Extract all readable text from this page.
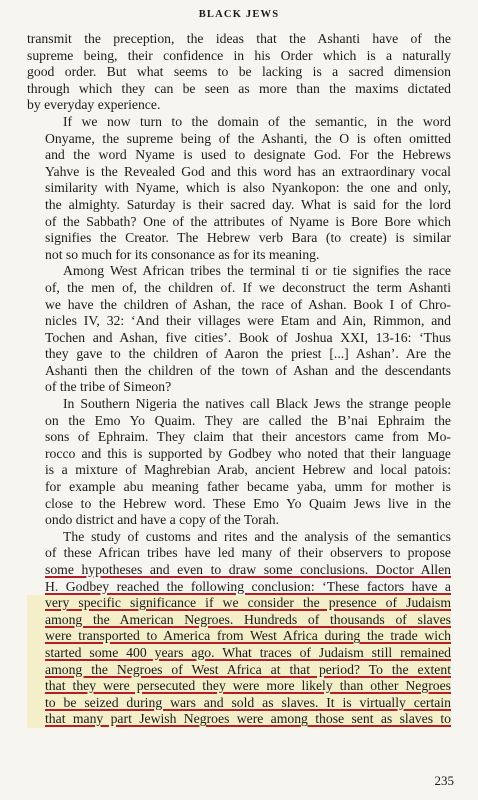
BLACK JEWS

transmit the preception, the ideas that the Ashanti have of the
supreme being, their confidence in his Order which is a naturally
good order. But what seems to be lacking is a sacred dimension
through which they can be seen as more than the maxims dictated
by everyday experience.

If we now turn to the domain of the semantic, in the word
Onyame, the supreme being of the Ashanti, the O is often omitted
and the word Nyame is used to designate God. For the Hebrews
Yahve is the Revealed God and this word has an extraordinary vocal
similarity with Nyame, which is also Nyankopon: the one and only,
the almighty. Saturday is their sacred day. What is said for the lord
of the Sabbath? One of the attributes of Nyame is Bore Bore which
signifies the Creator. The Hebrew verb Bara (to create) is similar
not so much for its consonance as for its meaning.

Among West African tribes the terminal ti or tie signifies the race
of, the men of, the children of. If we deconstruct the term Ashanti
we have the children of Ashan, the race of Ashan. Book I of Chro-
nicles IV, 32: ‘And their villages were Etam and Ain, Rimmon, and
Tochen and Ashan, five cities’. Book of Joshua XXI, 13-16: ‘Thus
they gave to the children of Aaron the priest [...] Ashan’. Are the
Ashanti then the children of the town of Ashan and the descendants
of the tribe of Simeon?

In Southern Nigeria the natives call Black Jews the strange people
on the Emo Yo Quaim. They are called the B’nai Ephraim the
sons of Ephraim. They claim that their ancestors came from Mo-
rocco and this is supported by Godbey who noted that their language
is a mixture of Maghrebian Arab, ancient Hebrew and local patois:
for example abu meaning father became yaba, umm for mother is
close to the Hebrew word. These Emo Yo Quaim Jews live in the
ondo district and have a copy of the Torah.

The study of customs and rites and the analysis of the semantics
of these African tribes have led many of their observers to propose
some hypotheses and even to draw some conclusions. Doctor Allen
H. Godbey reached the following conclusion: ‘These factors have a
very specific significance if we consider the presence of Judaism
among the American Negroes. Hundreds of thousands of slaves
were transported to America from West Africa during the trade wich
started some 400 years ago. What traces of Judaism still remained
among the Negroes of West Africa at that period? To the extent
that they were persecuted they were more likely than other Negroes
to be seized during wars and sold as slaves. It is virtually certain
that many part Jewish Negroes were among those sent as slaves to

235
